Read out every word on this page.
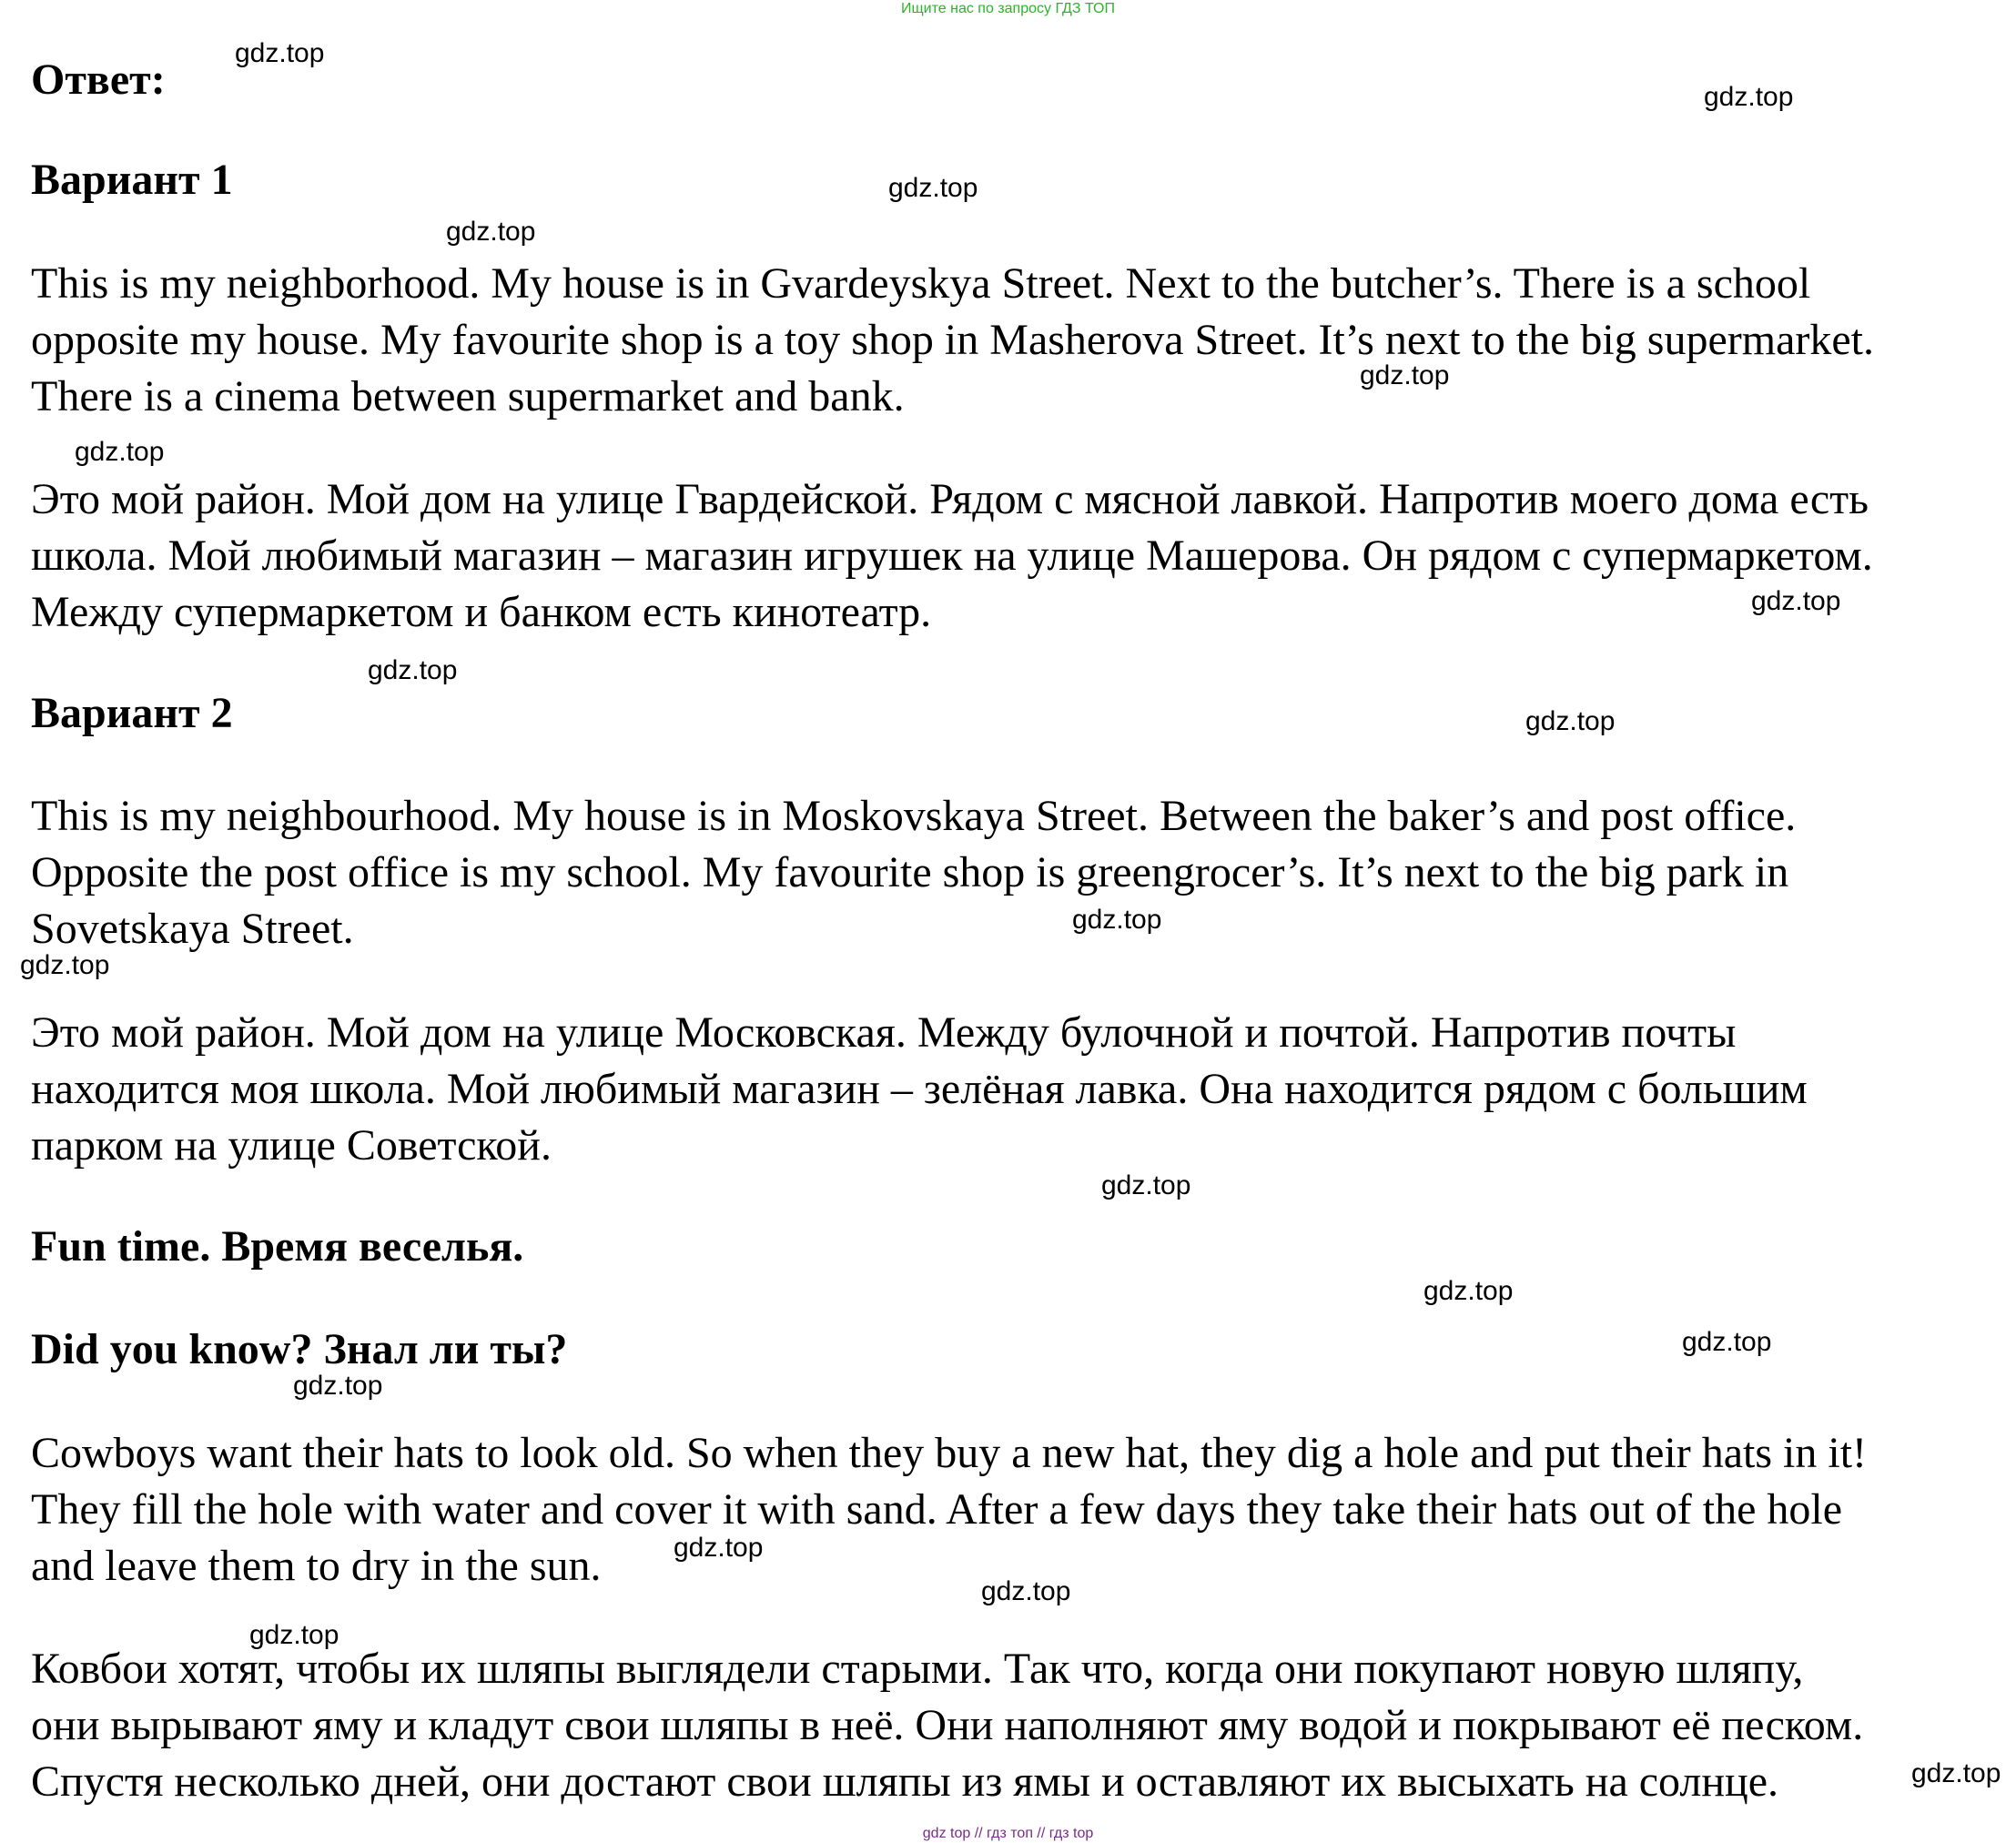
Ищите нас по запросу ГДЗ ТОП
Ответ:
Вариант 1

This is my neighborhood. My house is in Gvardeyskya Street. Next to the butcher’s. There is a school
opposite my house. My favourite shop is a toy shop in Masherova Street. It’s next to the big supermarket.
There is a cinema between supermarket and bank.

Это мой район. Мой дом на улице Гвардейской. Рядом с мясной лавкой. Напротив моего дома есть
школа. Мой любимый магазин – магазин игрушек на улице Машерова. Он рядом с супермаркетом.
Между супермаркетом и банком есть кинотеатр.

Вариант 2

This is my neighbourhood. My house is in Moskovskaya Street. Between the baker’s and post office.
Opposite the post office is my school. My favourite shop is greengrocer’s. It’s next to the big park in
Sovetskaya Street.

Это мой район. Мой дом на улице Московская. Между булочной и почтой. Напротив почты
находится моя школа. Мой любимый магазин – зелёная лавка. Она находится рядом с большим
парком на улице Советской.

Fun time. Время веселья.
Did you know? Знал ли ты?

Cowboys want their hats to look old. So when they buy a new hat, they dig a hole and put their hats in it!
They fill the hole with water and cover it with sand. After a few days they take their hats out of the hole
and leave them to dry in the sun.

Ковбои хотят, чтобы их шляпы выглядели старыми. Так что, когда они покупают новую шляпу,
они вырывают яму и кладут свои шляпы в неё. Они наполняют яму водой и покрывают её песком.
Спустя несколько дней, они достают свои шляпы из ямы и оставляют их высыхать на солнце.

gdz.top
gdz.top
gdz.top
gdz.top
gdz.top
gdz.top
gdz.top
gdz.top
gdz.top
gdz.top
gdz.top
gdz.top
gdz.top
gdz.top
gdz.top
gdz.top
gdz.top
gdz.top
gdz.top
gdz top // гдз топ // гдз top
